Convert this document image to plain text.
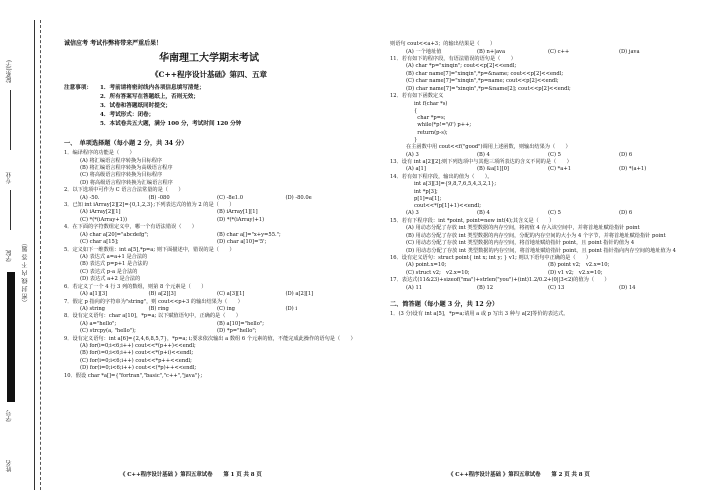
院系(学)
专业
（密 封 线 内 不 答 题）
学院
学号
姓名
诚信应考 考试作弊将带来严重后果！
华南理工大学期末考试
《C++程序设计基础》第四、五章
注意事项：	1．考前请将密封线内各项信息填写清楚；
2．所有答案写在答题纸上，否则无效；
3．试卷和答题纸同时提交；
4．考试形式：闭卷；
5．本试卷共五大题，满分 100 分，考试时间 120 分钟
一、　单项选择题（每小题 2 分，共 34 分）
1．编译程序的功能是（　　）
(A) 将汇编语言程序转换为目标程序
(B) 将汇编语言程序转换为高级语言程序
(C) 将高级语言程序转换为目标程序
(D) 将高级语言程序转换为汇编语言程序
2．以下选项中可作为 C 语言合法常量的是（　　）
(A) -50.	(B) -080	(C) -8e1.0	(D) -80.0e
3．已知 int iArray[2][2]={0,1,2,3};下列表达式的值为 2 的是（　　）
(A) iArray[2][1]	(B) iArray[1][1]
(C) *(*(iArray+1))	(D) *(*(iArray)+1)
4．在下面的字符数组定义中，哪一个有语法错误（　　）
(A) char a[20]="abcdefg";	(B) char a[]="x+y=55.";
(C) char a[15];	(D) char a[10]='5';
5．定义如下一维数组：int a[5],*p=a; 则下面描述中，错误的是（　　）
(A) 表达式 a=a+1 是合法的
(B) 表达式 p=p+1 是合法的
(C) 表达式 p-a 是合法的
(D) 表达式 a+2 是合法的
6．若定义了一个 4 行 3 列的数组，则第 8 个元素是（　　）
(A) a[1][3]	(B) a[2][3]	(C) a[3][1]	(D) a[2][1]
7．假定 p 指向的字符串为"string"，则 cout<<p+3 的输出结果为（　　）
(A) string	(B) ring	(C) ing	(D) i
8．设有定义语句：char a[10]，*p=a; 以下赋值语句中，正确的是（　　）
(A) a="hello";	(B) a[10]="hello";
(C) strcpy(a, "hello");	(D) *p="hello";
9．设有定义语句：int a[6]={2,4,6,8,5,7}，*p=a; i;要求依次输出 a 数组 6 个元素的值，不能完成此操作的语句是（　　）
(A) for(i=0;i<6;i++) cout<<*(p++)<<endl;
(B) for(i=0;i<6;i++) cout<<*(p+i)<<endl;
(C) for(i=0;i<6;i++) cout<<*p++<<endl;
(D) for(i=0;i<6;i++) cout<<(*p)++<<endl;
10．假设 char *a[]={"fortran","basic","c++","java"};
则语句 cout<<a+3；的输出结果是（　　）
(A) 一个地址值	(B) n+|ava	(C) c++	(D) java
11．若有如下的程序段，有语法错误的语句是（　　）
(A) char *p="xinqin"; cout<<p[2]<<endl;
(B) char name[7]="xinqin",*p=&name; cout<<p[2]<<endl;
(C) char name[7]="xinqin",*p=name; cout<<p[2]<<endl;
(D) char name[7]="xinqin",*p=&name[2]; cout<<p[2]<<endl;
12．若有如下函数定义
int f(char *s)
{
char *p=s;
while(*p!='\0') p++;
return(p-s);
}
在主函数中用 cout<<f("good")调用上述函数，则输出结果为（　　）
(A) 3	(B) 4	(C) 5	(D) 6
13．设有 int a[2][2];则下列选项中与其他三项所表达的含义不同的是（　　）
(A) a[1]	(B) &a[1][0]	(C) *a+1	(D) *(a+1)
14．若有如下程序段，输出的值为（　　）。
int a[3][3]={9,8,7,6,5,4,3,2,1};
int *p[3];
p[1]=a[1];
cout<<*(p[1]+1)<<endl;
(A) 3	(B) 4	(C) 5	(D) 6
15．若有下程序段：int *point, point=new int(4);其含义是（　　）
(A) 用动态分配了存放 int 类型数据的内存空间，将初值 4 存入该空间中，并将首地址赋给指针 point
(B) 用动态分配了存放 int 类型数据的内存空间，分配的内存空间的大小为 4 个字节，并将首地址赋给指针 point
(C) 用动态分配了存放 int 类型数据的内存空间，将首地址赋给指针 point，且 point 指针的值为 4
(D) 用动态分配了存放 int 类型数据的内存空间，将首地址赋给指针 point，且 point 指针指向内存空间的地址值为 4
16．设有定义语句：struct point{ int x; int y; } v1; 则以下语句中正确的是（　　）
(A) point.x=10;	(B) point v2;　v2.x=10;
(C) struct v2;　v2.x=10;	(D) v1 v2;　v2.x=10;
17．表达式(11&23)+sizeof("ma")+strlen("you")+(int)1.2/0.2+(0||3<2)的值为（　　）
(A) 11	(B) 12	(C) 13	(D) 14
二、简答题（每小题 3 分，共 12 分）
1．(3 分)设有 int a[5]，*p=a;请用 a 或 p 写出 3 种与 a[2]等价的表达式。
《 C++程序设计基础 》第四五章试卷　　第 1 页 共 8 页	《 C++程序设计基础 》第四五章试卷　　第 2 页 共 8 页
